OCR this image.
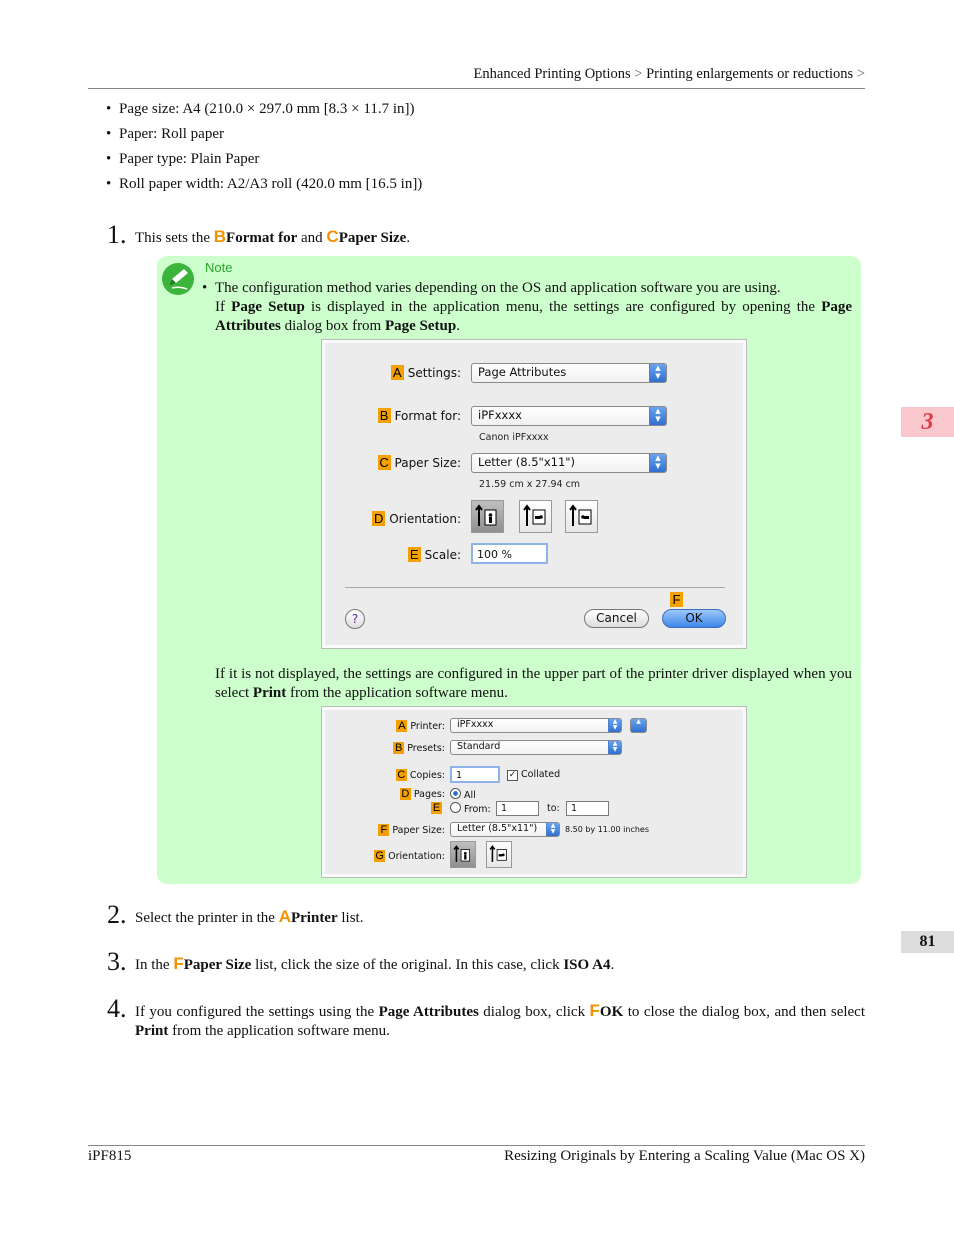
Enhanced Printing Options > Printing enlargements or reductions >
• Page size: A4 (210.0 × 297.0 mm [8.3 × 11.7 in])
• Paper: Roll paper
• Paper type: Plain Paper
• Roll paper width: A2/A3 roll (420.0 mm [16.5 in])
1. This sets the BFormat for and CPaper Size.
Note
• The configuration method varies depending on the OS and application software you are using.
If Page Setup is displayed in the application menu, the settings are configured by opening the Page Attributes dialog box from Page Setup.
A Settings:	Page Attributes	▲
▼
B Format for:	iPFxxxx	▲
▼
Canon iPFxxxx
C Paper Size:	Letter (8.5"x11")	▲
▼
21.59 cm x 27.94 cm
D Orientation:
E Scale:	100 %
?	Cancel
F
OK
If it is not displayed, the settings are configured in the upper part of the printer driver displayed when you select Print from the application software menu.
A Printer:	iPFxxxx	▲
▼
▲
B Presets:	Standard	▲
▼
C Copies:	1	✓ Collated
D Pages:	All
E	From:	1	to:	1
F Paper Size:	Letter (8.5"x11")	▲
▼	8.50 by 11.00 inches
G Orientation:
2. Select the printer in the APrinter list.
3. In the FPaper Size list, click the size of the original. In this case, click ISO A4.
4. If you configured the settings using the Page Attributes dialog box, click FOK to close the dialog box, and then select Print from the application software menu.
3
81
iPF815	Resizing Originals by Entering a Scaling Value (Mac OS X)
